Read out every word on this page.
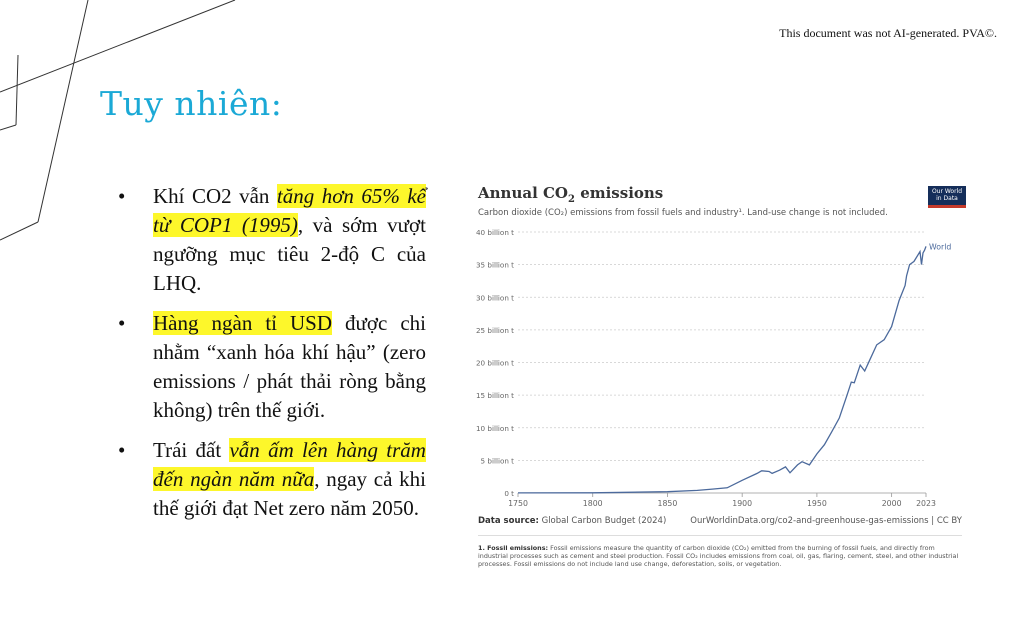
This document was not AI-generated. PVA©.
Tuy nhiên:
• Khí CO2 vẫn tăng hơn 65% kể từ COP1 (1995), và sớm vượt ngưỡng mục tiêu 2-độ C của LHQ.
• Hàng ngàn tỉ USD được chi nhằm “xanh hóa khí hậu” (zero emissions / phát thải ròng bằng không) trên thế giới.
• Trái đất vẫn ấm lên hàng trăm đến ngàn năm nữa, ngay cả khi thế giới đạt Net zero năm 2050.
Annual $CO_2$ emissions
Carbon dioxide (CO₂) emissions from fossil fuels and industry¹. Land-use change is not included.
Our World
in Data
0 t
5 billion t
10 billion t
15 billion t
20 billion t
25 billion t
30 billion t
35 billion t
40 billion t
1750	1800	1850	1900	1950	2000 2023
World
Data source: Global Carbon Budget (2024)	OurWorldinData.org/co2-and-greenhouse-gas-emissions | CC BY
1. Fossil emissions: Fossil emissions measure the quantity of carbon dioxide (CO₂) emitted from the burning of fossil fuels, and directly from industrial processes such as cement and steel production. Fossil CO₂ includes emissions from coal, oil, gas, flaring, cement, steel, and other industrial processes. Fossil emissions do not include land use change, deforestation, soils, or vegetation.
